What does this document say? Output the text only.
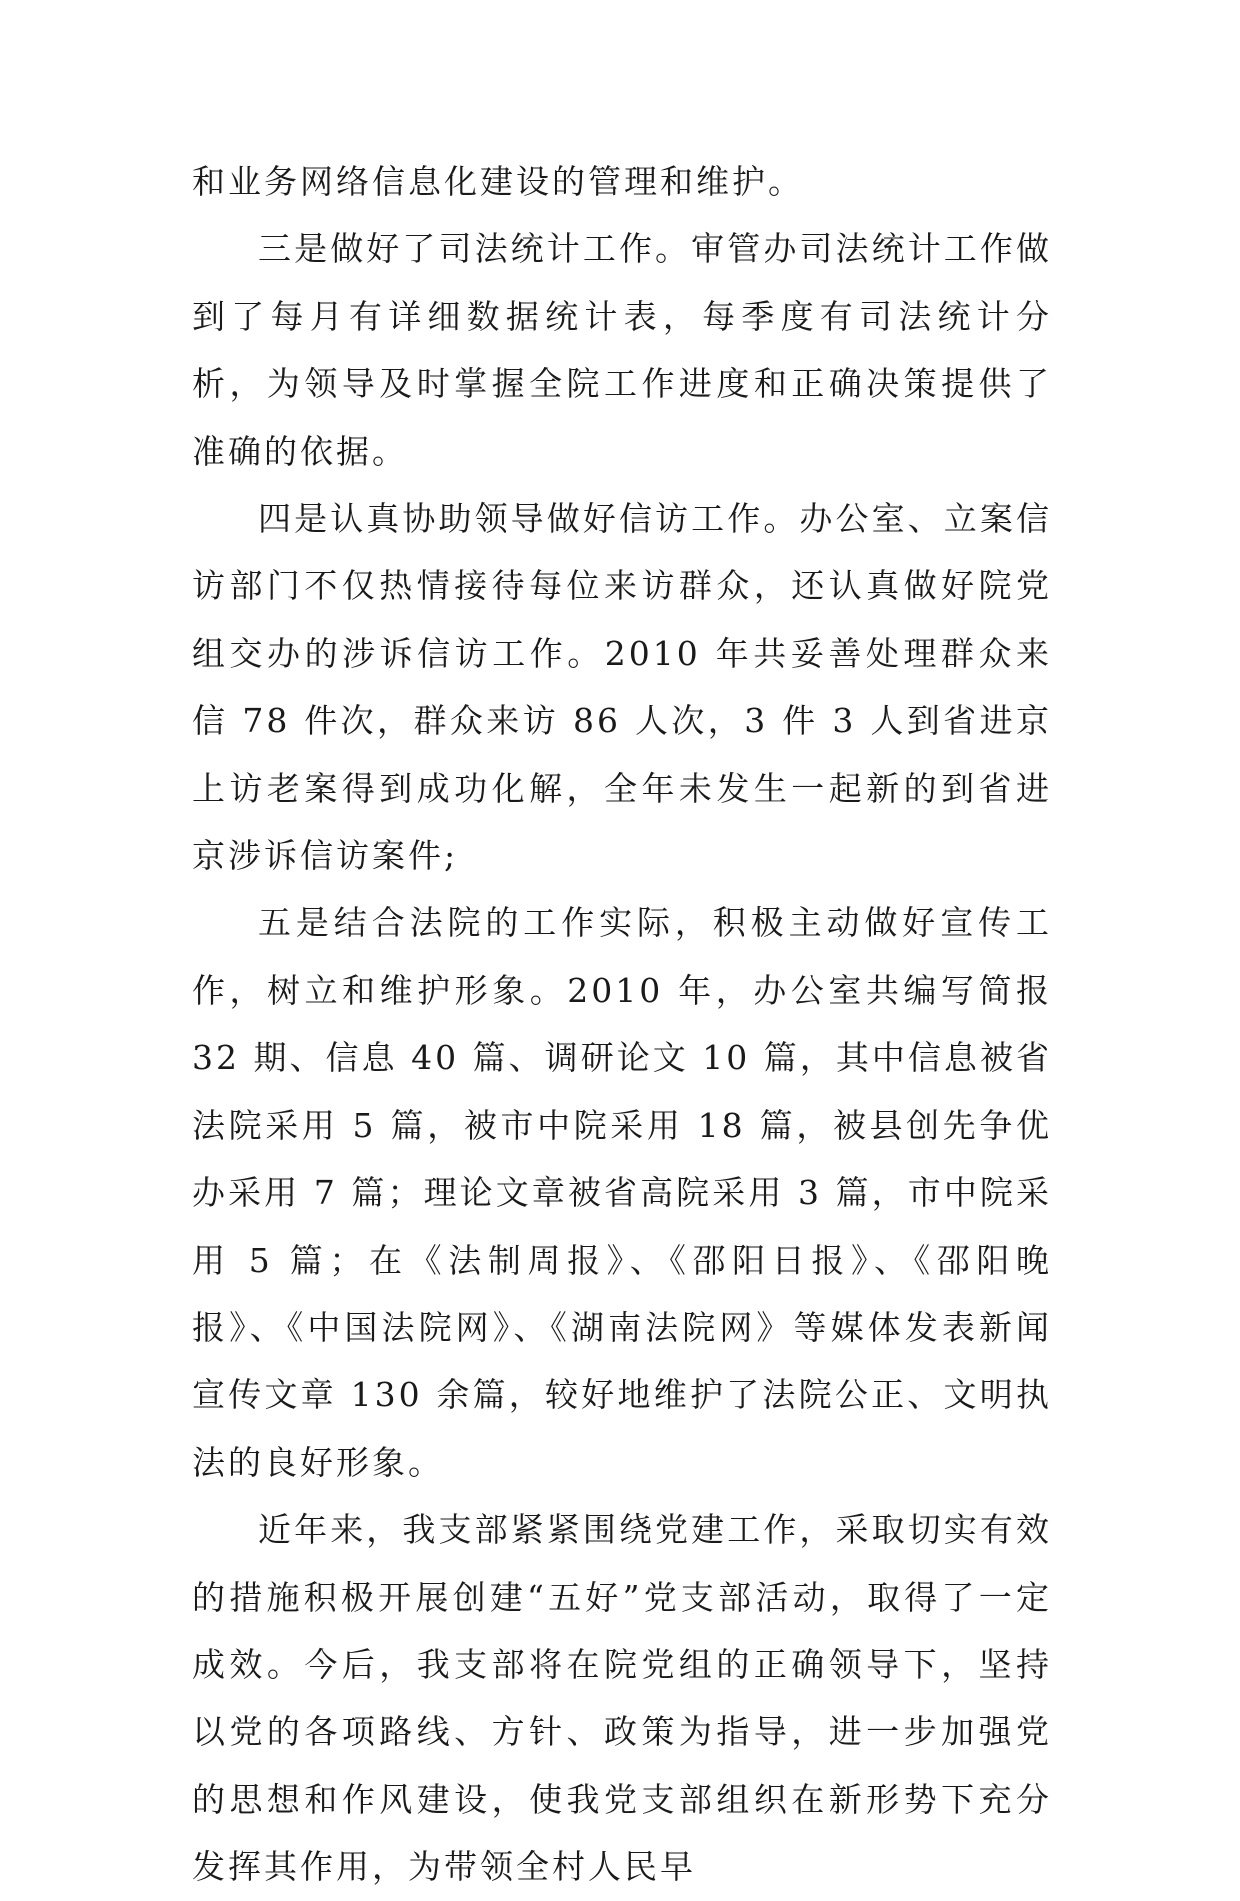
和业务网络信息化建设的管理和维护。

三是做好了司法统计工作。审管办司法统计工作做到了每月有详细数据统计表，每季度有司法统计分析，为领导及时掌握全院工作进度和正确决策提供了准确的依据。

四是认真协助领导做好信访工作。办公室、立案信访部门不仅热情接待每位来访群众，还认真做好院党组交办的涉诉信访工作。2010 年共妥善处理群众来信 78 件次，群众来访 86 人次，3 件 3 人到省进京上访老案得到成功化解，全年未发生一起新的到省进京涉诉信访案件;

五是结合法院的工作实际，积极主动做好宣传工作，树立和维护形象。2010 年，办公室共编写简报 32 期、信息 40 篇、调研论文 10 篇，其中信息被省法院采用 5 篇，被市中院采用 18 篇，被县创先争优办采用 7 篇；理论文章被省高院采用 3 篇，市中院采用 5 篇；在《法制周报》、《邵阳日报》、《邵阳晚报》、《中国法院网》、《湖南法院网》等媒体发表新闻宣传文章 130 余篇，较好地维护了法院公正、文明执法的良好形象。

近年来，我支部紧紧围绕党建工作，采取切实有效的措施积极开展创建“五好”党支部活动，取得了一定成效。今后，我支部将在院党组的正确领导下，坚持以党的各项路线、方针、政策为指导，进一步加强党的思想和作风建设，使我党支部组织在新形势下充分发挥其作用，为带领全村人民早
